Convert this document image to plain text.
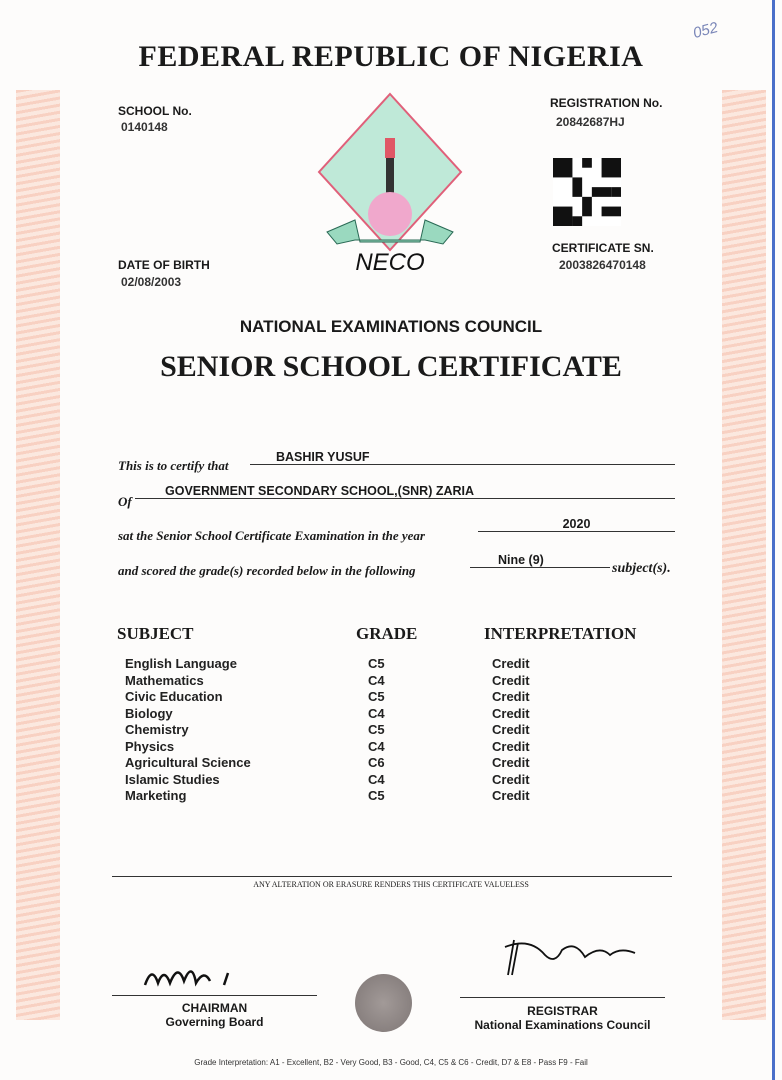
052
FEDERAL REPUBLIC OF NIGERIA
SCHOOL No.
0140148
REGISTRATION No.
20842687HJ
CERTIFICATE SN.
2003826470148
DATE OF BIRTH
02/08/2003
NECO
NATIONAL EXAMINATIONS COUNCIL
SENIOR SCHOOL CERTIFICATE
This is to certify that
BASHIR YUSUF
Of
GOVERNMENT SECONDARY SCHOOL,(SNR) ZARIA
sat the Senior School Certificate Examination in the year
2020
and scored the grade(s) recorded below in the following
Nine (9)
subject(s).
SUBJECT	GRADE	INTERPRETATION
English Language	C5	Credit
Mathematics	C4	Credit
Civic Education	C5	Credit
Biology	C4	Credit
Chemistry	C5	Credit
Physics	C4	Credit
Agricultural Science	C6	Credit
Islamic Studies	C4	Credit
Marketing	C5	Credit
ANY ALTERATION OR ERASURE RENDERS THIS CERTIFICATE VALUELESS
CHAIRMAN
Governing Board
REGISTRAR
National Examinations Council
Grade Interpretation: A1 - Excellent, B2 - Very Good, B3 - Good, C4, C5 & C6 - Credit, D7 & E8 - Pass F9 - Fail
